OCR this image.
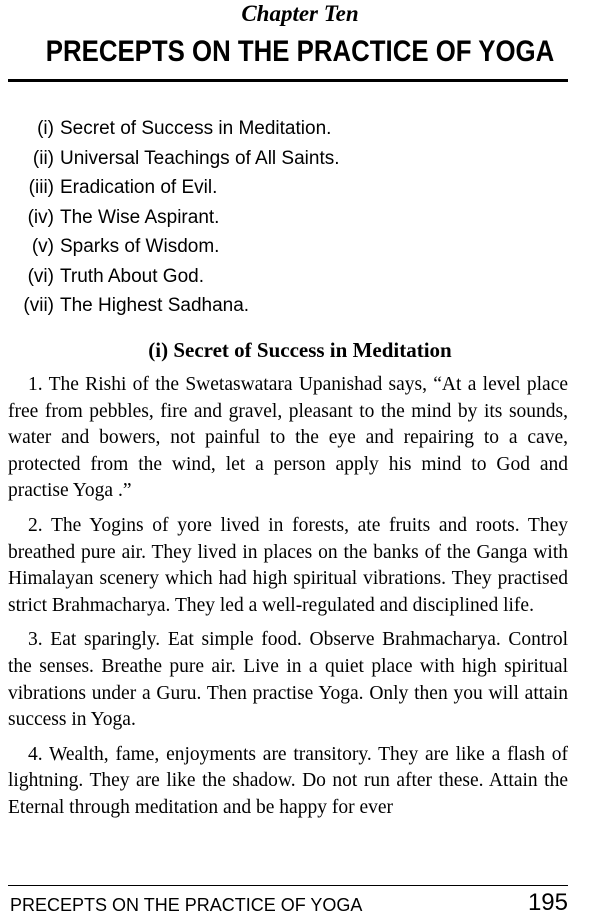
Chapter Ten
PRECEPTS ON THE PRACTICE OF YOGA
(i) Secret of Success in Meditation.
(ii) Universal Teachings of All Saints.
(iii) Eradication of Evil.
(iv) The Wise Aspirant.
(v) Sparks of Wisdom.
(vi) Truth About God.
(vii) The Highest Sadhana.
(i) Secret of Success in Meditation

1. The Rishi of the Swetaswatara Upanishad says, “At a level place free from pebbles, fire and gravel, pleasant to the mind by its sounds, water and bowers, not painful to the eye and repairing to a cave, protected from the wind, let a person apply his mind to God and practise Yoga .”

2. The Yogins of yore lived in forests, ate fruits and roots. They breathed pure air. They lived in places on the banks of the Ganga with Himalayan scenery which had high spiritual vibrations. They practised strict Brahmacharya. They led a well-regulated and disciplined life.

3. Eat sparingly. Eat simple food. Observe Brahmacharya. Control the senses. Breathe pure air. Live in a quiet place with high spiritual vibrations under a Guru. Then practise Yoga. Only then you will attain success in Yoga.

4. Wealth, fame, enjoyments are transitory. They are like a flash of lightning. They are like the shadow. Do not run after these. Attain the Eternal through meditation and be happy for ever

PRECEPTS ON THE PRACTICE OF YOGA	195
